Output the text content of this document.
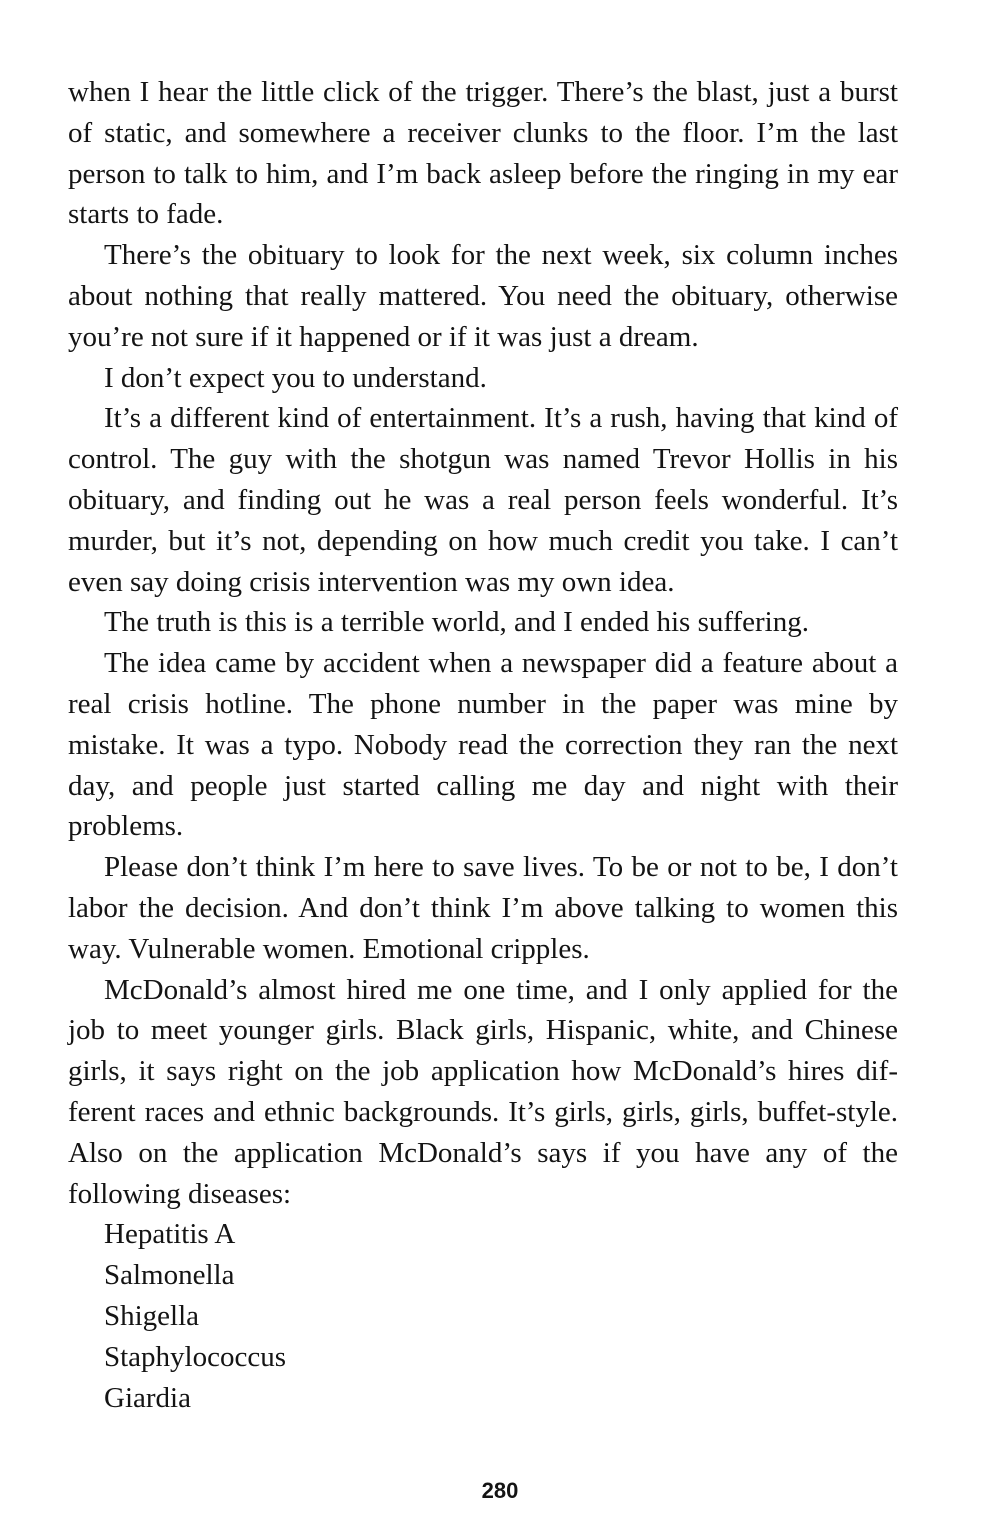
when I hear the little click of the trigger. There’s the blast, just a burst of static, and somewhere a receiver clunks to the floor. I’m the last person to talk to him, and I’m back asleep before the ringing in my ear starts to fade.

There’s the obituary to look for the next week, six column inches about nothing that really mattered. You need the obituary, otherwise you’re not sure if it happened or if it was just a dream.

I don’t expect you to understand.

It’s a different kind of entertainment. It’s a rush, having that kind of control. The guy with the shotgun was named Trevor Hollis in his obituary, and finding out he was a real person feels wonderful. It’s murder, but it’s not, depending on how much credit you take. I can’t even say doing crisis intervention was my own idea.

The truth is this is a terrible world, and I ended his suffering.

The idea came by accident when a newspaper did a feature about a real crisis hotline. The phone number in the paper was mine by mistake. It was a typo. Nobody read the correction they ran the next day, and people just started calling me day and night with their problems.

Please don’t think I’m here to save lives. To be or not to be, I don’t labor the decision. And don’t think I’m above talking to women this way. Vulnerable women. Emotional cripples.

McDonald’s almost hired me one time, and I only applied for the job to meet younger girls. Black girls, Hispanic, white, and Chinese girls, it says right on the job application how McDonald’s hires different races and ethnic backgrounds. It’s girls, girls, girls, buffet-style. Also on the application McDonald’s says if you have any of the following diseases:

Hepatitis A
Salmonella
Shigella
Staphylococcus
Giardia
280
